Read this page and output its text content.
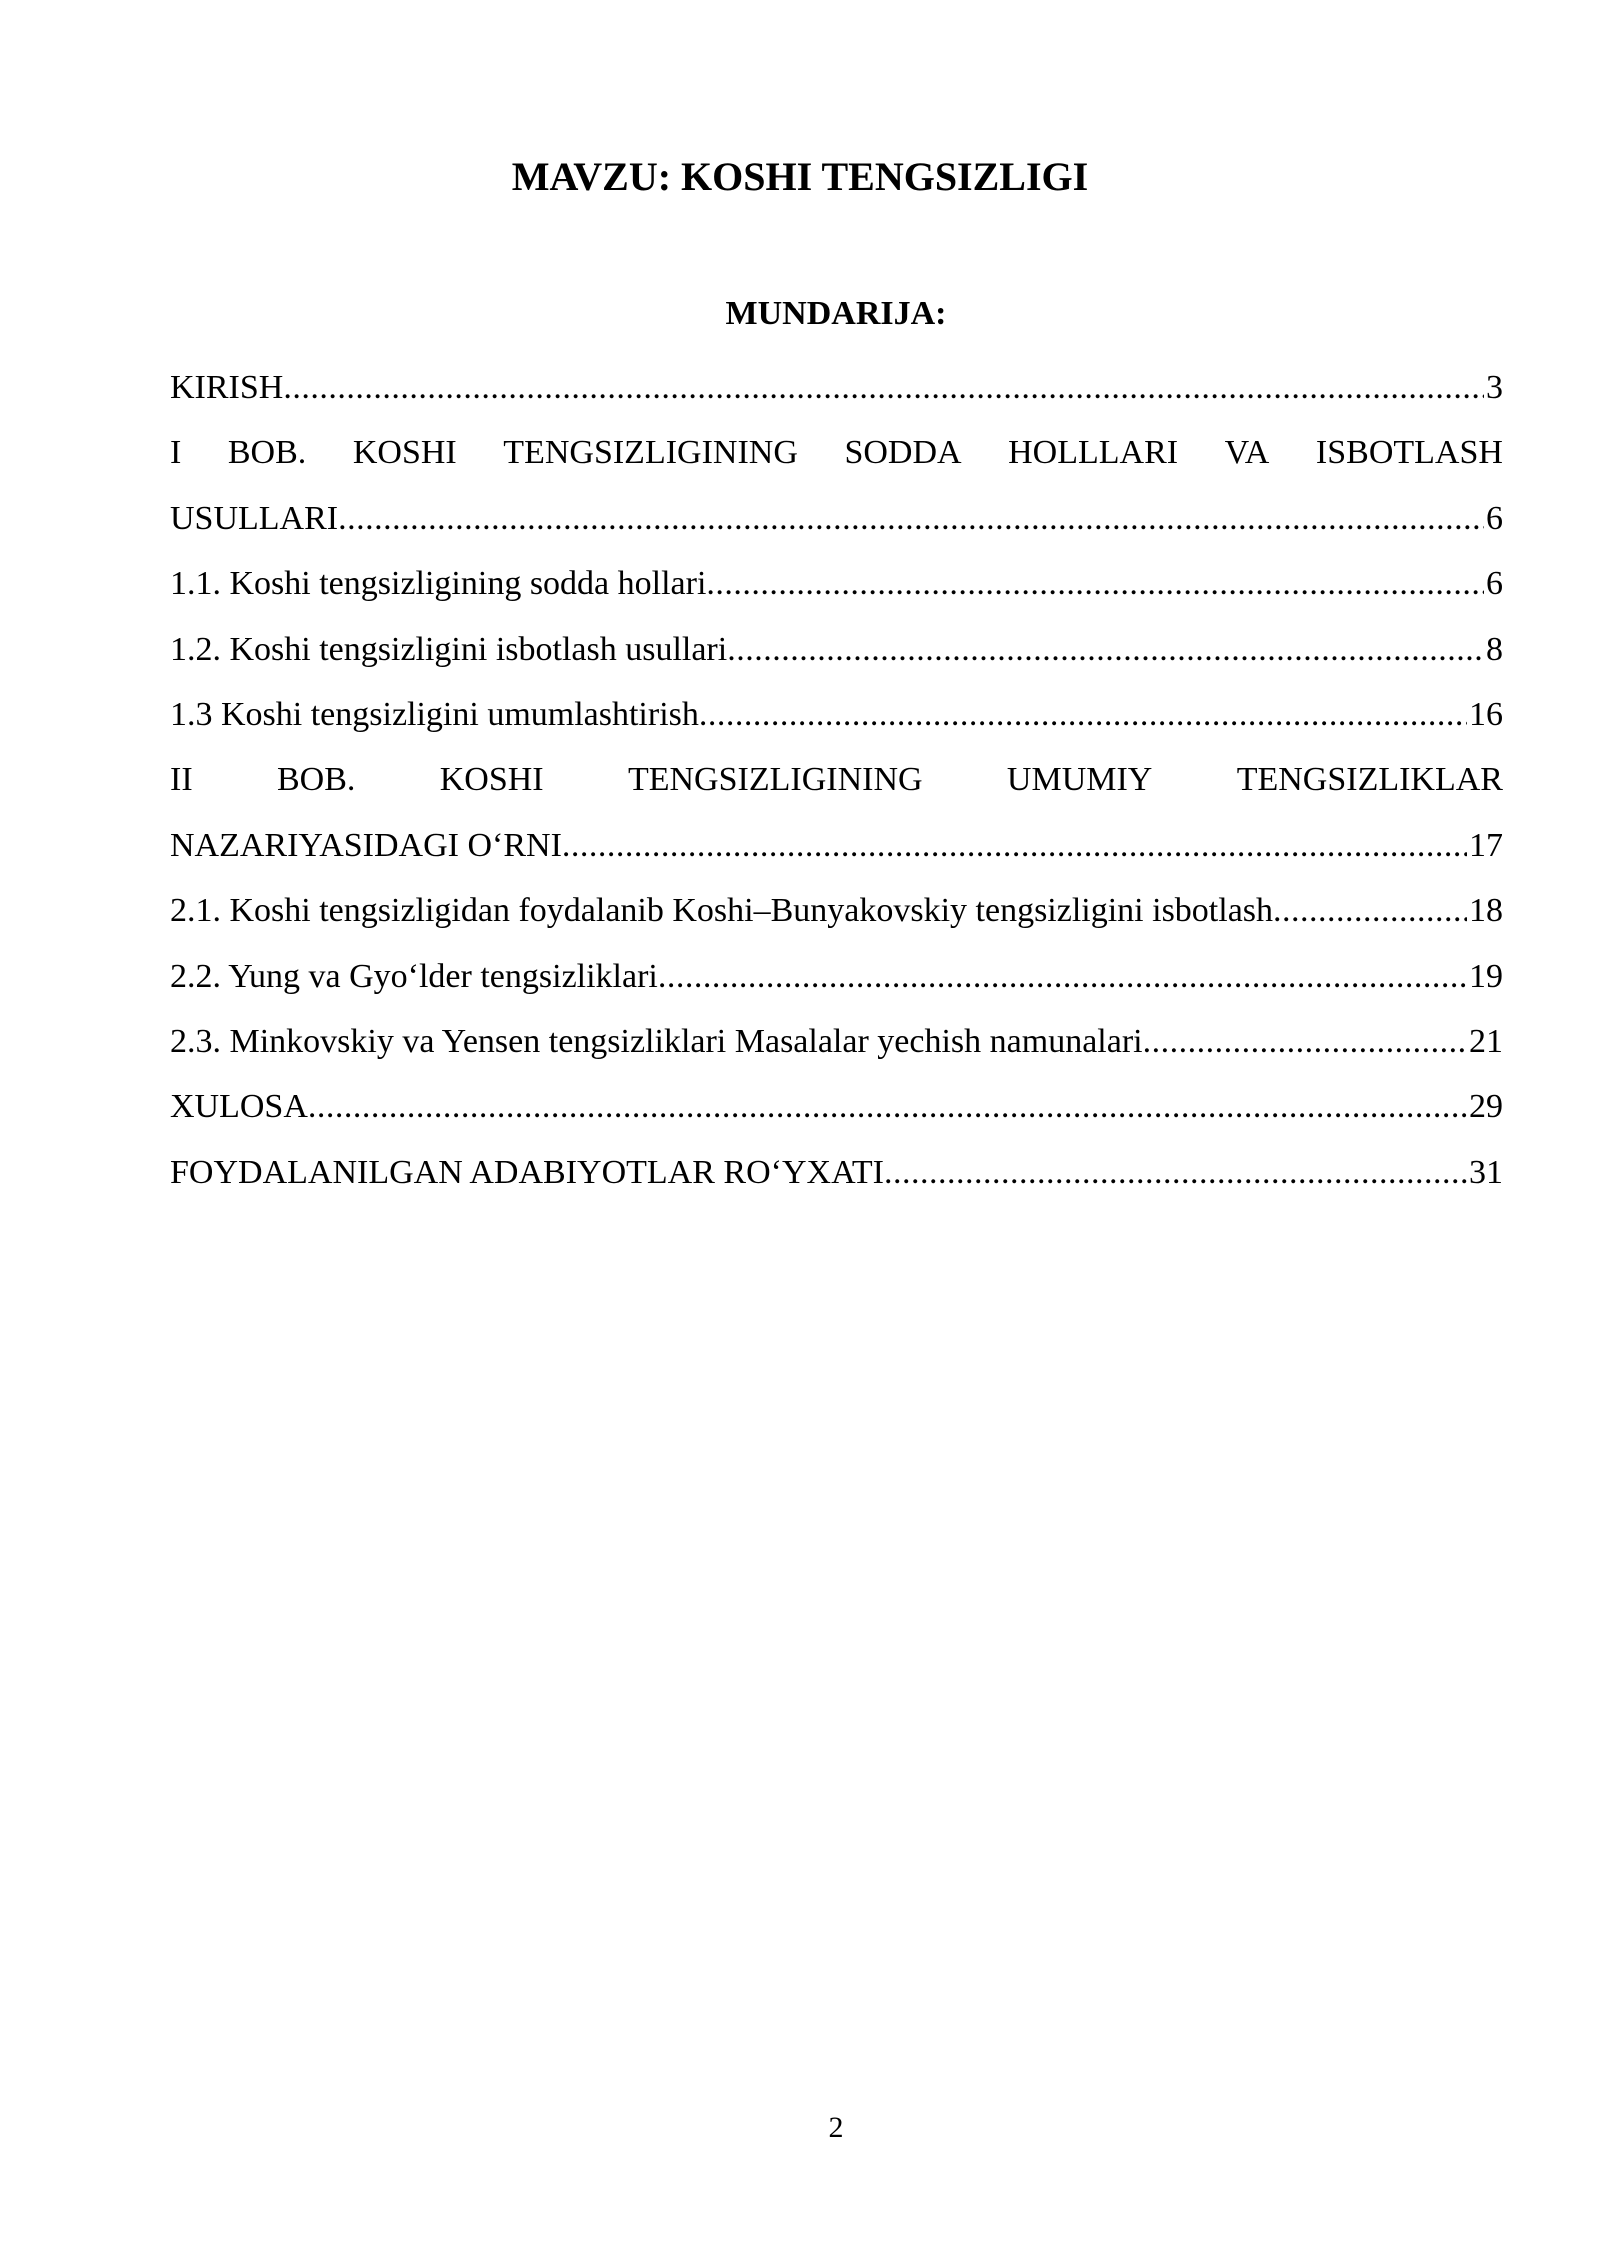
MAVZU: KOSHI TENGSIZLIGI
MUNDARIJA:
KIRISH .....	3
I BOB. KOSHI TENGSIZLIGINING SODDA HOLLLARI VA ISBOTLASH
USULLARI .....	6
1.1. Koshi tengsizligining sodda hollari .....	6
1.2. Koshi tengsizligini isbotlash usullari .....	8
1.3 Koshi tengsizligini umumlashtirish .....	16
II BOB. KOSHI TENGSIZLIGINING UMUMIY TENGSIZLIKLAR
NAZARIYASIDAGI O‘RNI .....	17
2.1. Koshi tengsizligidan foydalanib Koshi–Bunyakovskiy tengsizligini isbotlash .....	18
2.2. Yung va Gyo‘lder tengsizliklari .....	19
2.3. Minkovskiy va Yensen tengsizliklari Masalalar yechish namunalari .....	21
XULOSA .....	29
FOYDALANILGAN ADABIYOTLAR RO‘YXATI .....	31
2
